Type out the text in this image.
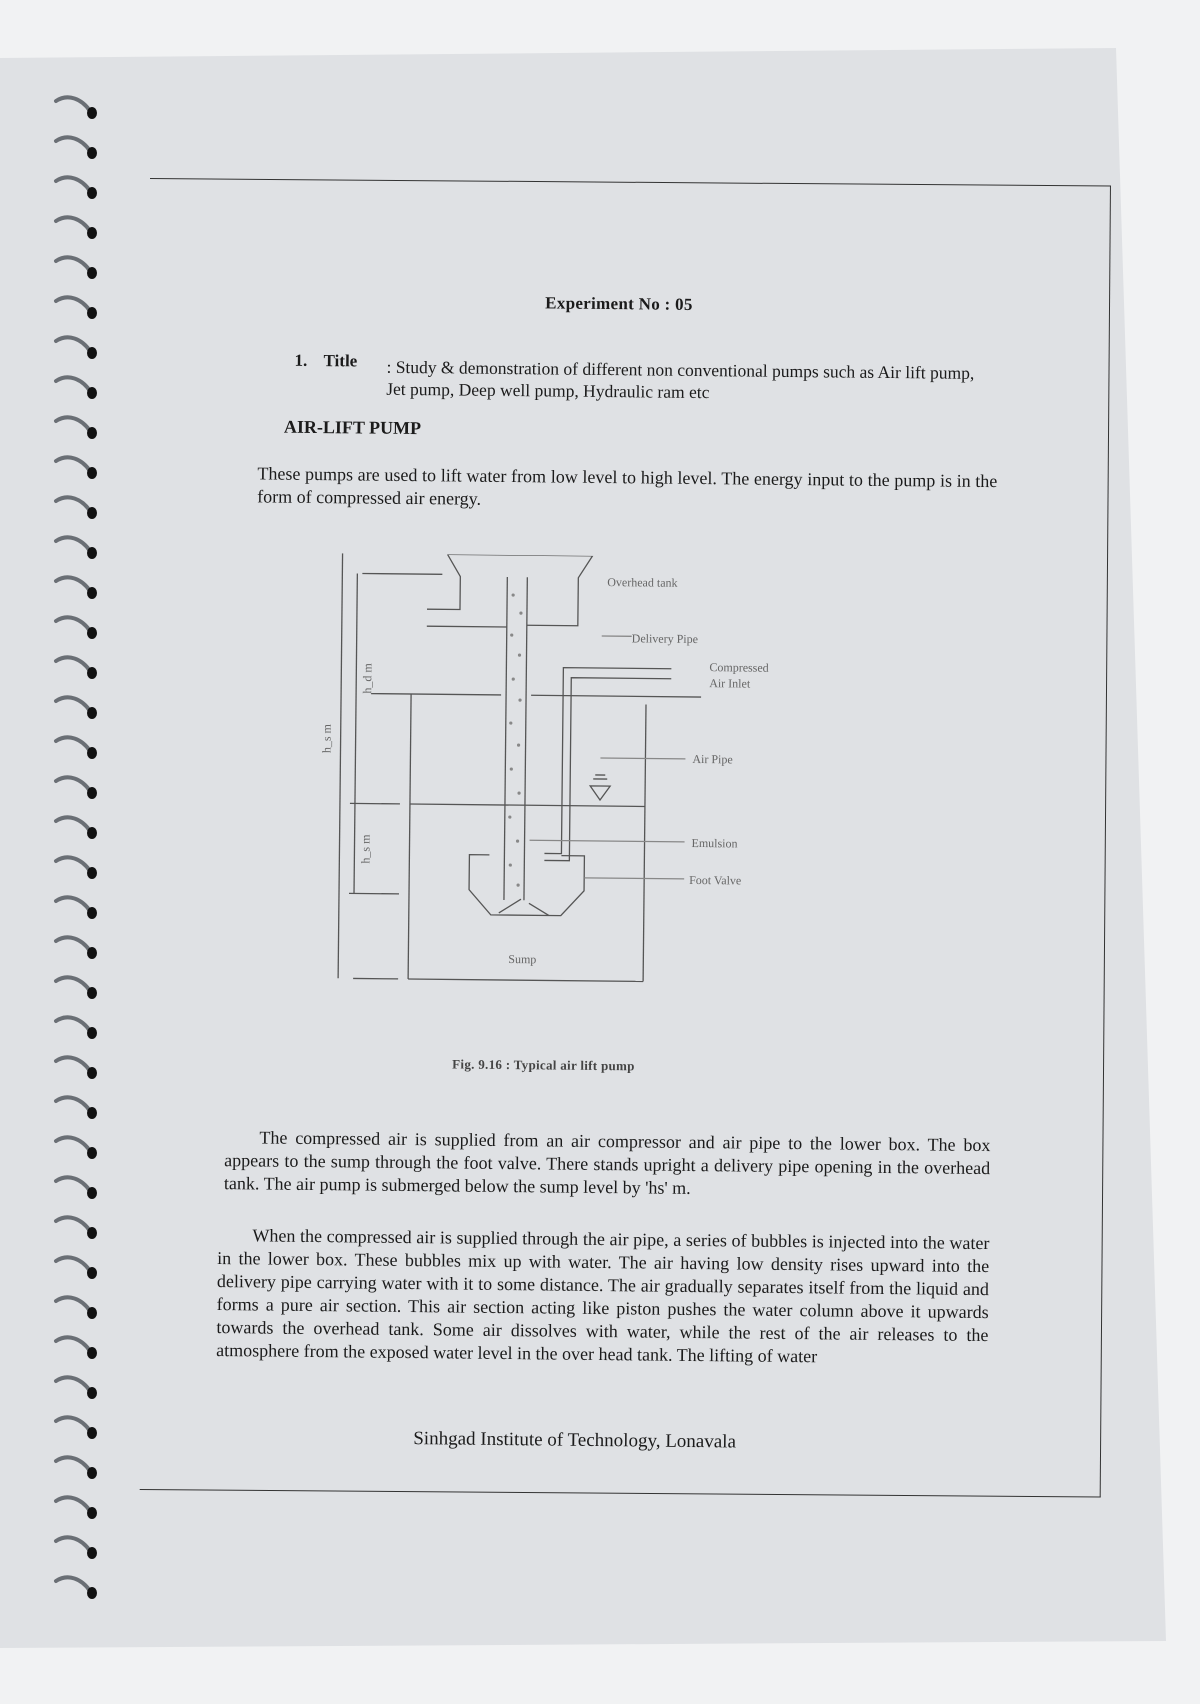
Experiment No : 05
1. Title : Study & demonstration of different non conventional pumps such as Air lift pump, Jet pump, Deep well pump, Hydraulic ram etc
AIR-LIFT PUMP
These pumps are used to lift water from low level to high level. The energy input to the pump is in the form of compressed air energy.
Overhead tank
Delivery Pipe
Compressed
Air Inlet
Air Pipe
Emulsion
Foot Valve
Sump
h_d m
h_s m
h_s m
Fig. 9.16 : Typical air lift pump
The compressed air is supplied from an air compressor and air pipe to the lower box. The box appears to the sump through the foot valve. There stands upright a delivery pipe opening in the overhead tank. The air pump is submerged below the sump level by 'hs' m.
When the compressed air is supplied through the air pipe, a series of bubbles is injected into the water in the lower box. These bubbles mix up with water. The air having low density rises upward into the delivery pipe carrying water with it to some distance. The air gradually separates itself from the liquid and forms a pure air section. This air section acting like piston pushes the water column above it upwards towards the overhead tank. Some air dissolves with water, while the rest of the air releases to the atmosphere from the exposed water level in the over head tank. The lifting of water
Sinhgad Institute of Technology, Lonavala
